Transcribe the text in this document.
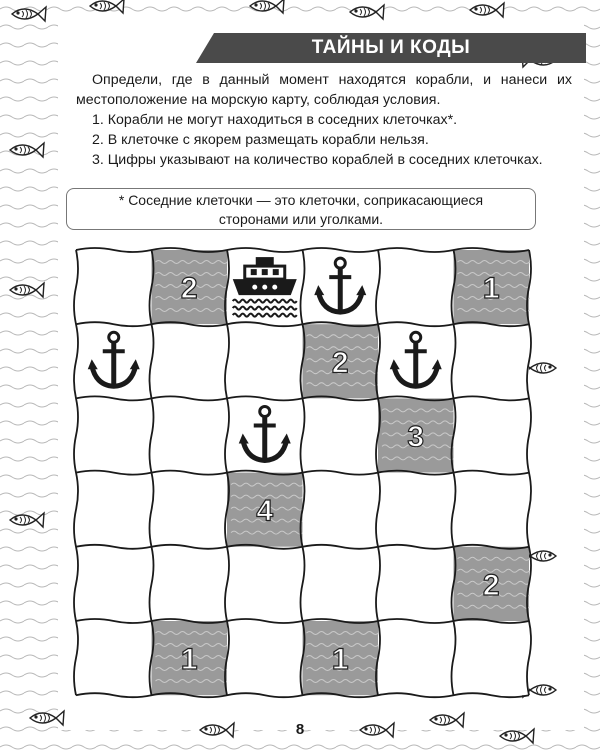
ТАЙНЫ И КОДЫ

Определи, где в данный момент находятся корабли, и нанеси их местоположение на морскую карту, соблюдая условия.

1. Корабли не могут находиться в соседних клеточках*.

2. В клеточке с якорем размещать корабли нельзя.

3. Цифры указывают на количество кораблей в соседних клеточках.

* Соседние клеточки — это клеточки, соприкасающиеся
сторонами или уголками.
2	1
2
3
4
2
1	1
8
